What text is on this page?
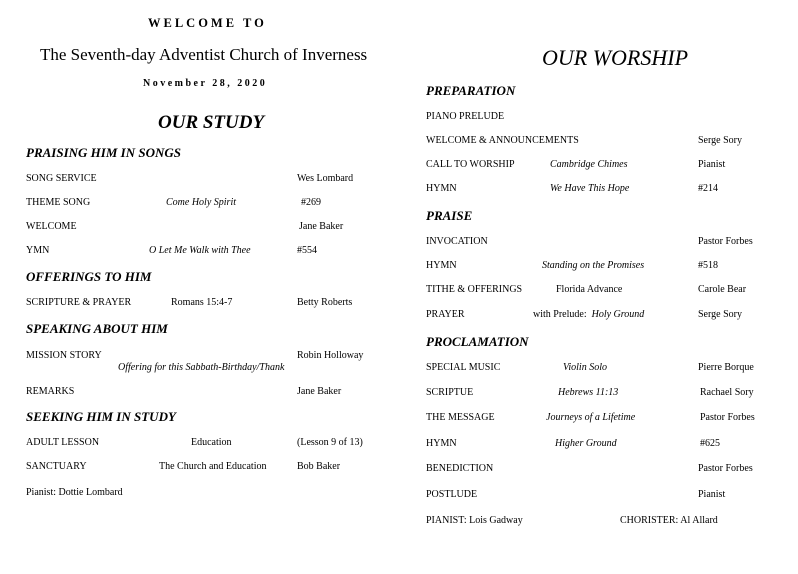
WELCOME TO
The Seventh-day Adventist Church of Inverness
November 28, 2020
OUR STUDY
PRAISING HIM IN SONGS
SONG SERVICE	Wes Lombard
THEME SONG	Come Holy Spirit	#269
WELCOME	Jane Baker
YMN	O Let Me Walk with Thee	#554
OFFERINGS TO HIM
SCRIPTURE & PRAYER	Romans 15:4-7	Betty Roberts
SPEAKING ABOUT HIM
MISSION STORY	Robin Holloway
Offering for this Sabbath-Birthday/Thank
REMARKS	Jane Baker
SEEKING HIM IN STUDY
ADULT LESSON	Education	(Lesson 9 of 13)
SANCTUARY	The Church and Education	Bob Baker
Pianist: Dottie Lombard
OUR WORSHIP
PREPARATION
PIANO PRELUDE
WELCOME & ANNOUNCEMENTS	Serge Sory
CALL TO WORSHIP	Cambridge Chimes	Pianist
HYMN	We Have This Hope	#214
PRAISE
INVOCATION	Pastor Forbes
HYMN	Standing on the Promises	#518
TITHE & OFFERINGS	Florida Advance	Carole Bear
PRAYER	with Prelude: Holy Ground	Serge Sory
PROCLAMATION
SPECIAL MUSIC	Violin Solo	Pierre Borque
SCRIPTUE	Hebrews 11:13	Rachael Sory
THE MESSAGE	Journeys of a Lifetime	Pastor Forbes
HYMN	Higher Ground	#625
BENEDICTION	Pastor Forbes
POSTLUDE	Pianist
PIANIST: Lois Gadway	CHORISTER: Al Allard
